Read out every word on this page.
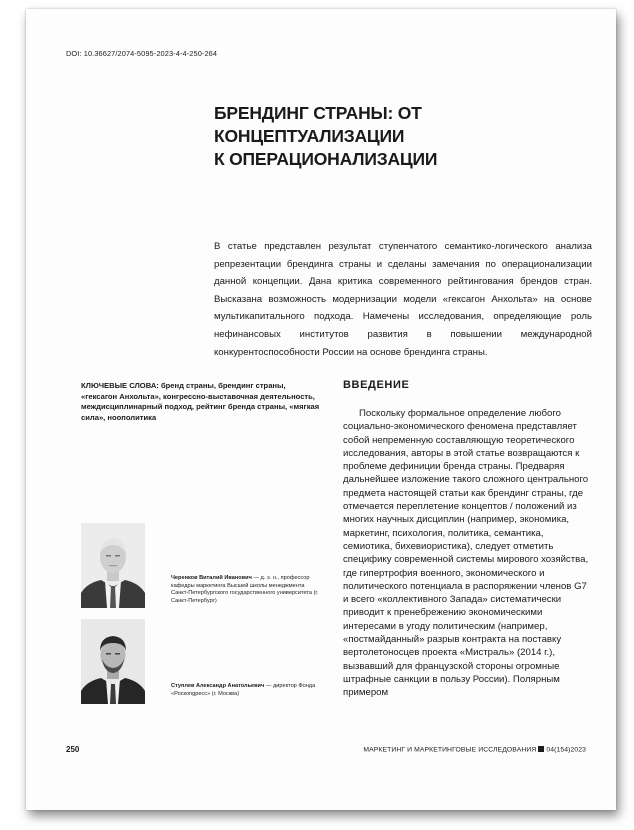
DOI: 10.36627/2074-5095-2023-4-4-250-264
БРЕНДИНГ СТРАНЫ: ОТ КОНЦЕПТУАЛИЗАЦИИ
К ОПЕРАЦИОНАЛИЗАЦИИ

В статье представлен результат ступенчатого семантико-логического анализа репрезентации брендинга страны и сделаны замечания по операционализации данной концепции. Дана критика современного рейтингования брендов стран. Высказана возможность модернизации модели «гексагон Анхольта» на основе мультикапитального подхода. Намечены исследования, определяющие роль нефинансовых институтов развития в повышении международной конкурентоспособности России на основе брендинга страны.

КЛЮЧЕВЫЕ СЛОВА: бренд страны, брендинг страны, «гексагон Анхольта», конгрессно-выставочная деятельность, междисциплинарный подход, рейтинг бренда страны, «мягкая сила», ноополитика
ВВЕДЕНИЕ

Поскольку формальное определение любого социально-экономического феномена представляет собой непременную составляющую теоретического исследования, авторы в этой статье возвращаются к проблеме дефиниции бренда страны. Предваряя дальнейшее изложение такого сложного центрального предмета настоящей статьи как брендинг страны, где отмечается переплетение концептов / положений из многих научных дисциплин (например, экономика, маркетинг, психология, политика, семантика, семиотика, бихевиористика), следует отметить специфику современной системы мирового хозяйства, где гипертрофия военного, экономического и политического потенциала в распоряжении членов G7 и всего «коллективного Запада» систематически приводит к пренебрежению экономическими интересами в угоду политическим (например, «постмайданный» разрыв контракта на поставку вертолетоносцев проекта «Мистраль» (2014 г.), вызвавший для французской стороны огромные штрафные санкции в пользу России). Полярным примером

Черенков Виталий Иванович — д. э. н., профессор кафедры маркетинга Высшей школы менеджмента Санкт-Петербургского государственного университета (г. Санкт-Петербург)
Ступлев Александр Анатольевич — директор Фонда «Роскongресс» (г. Москва)
250	МАРКЕТИНГ И МАРКЕТИНГОВЫЕ ИССЛЕДОВАНИЯ 04(154)2023
